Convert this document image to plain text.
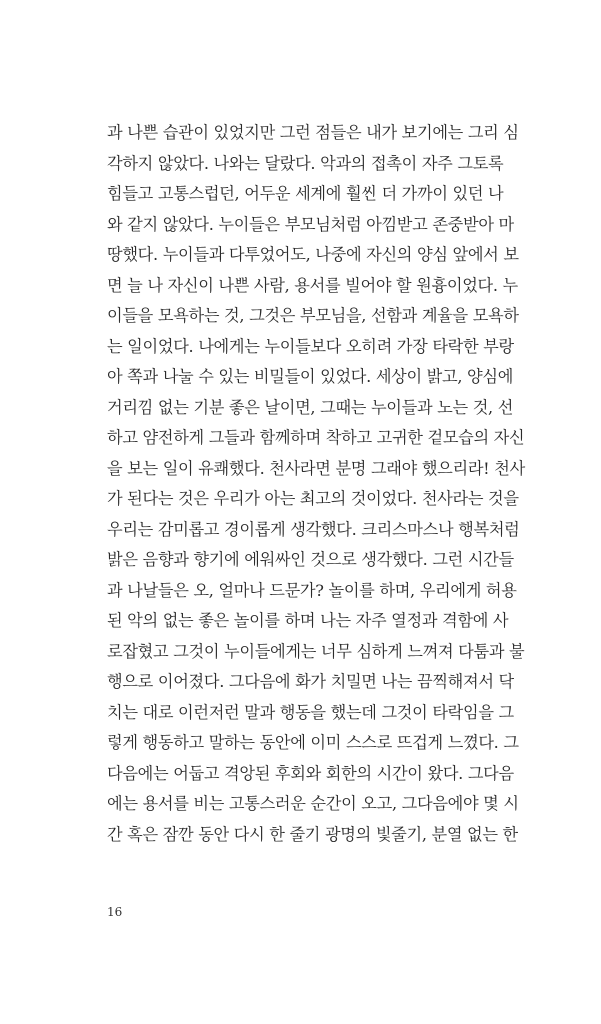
과 나쁜 습관이 있었지만 그런 점들은 내가 보기에는 그리 심
각하지 않았다. 나와는 달랐다. 악과의 접촉이 자주 그토록
힘들고 고통스럽던, 어두운 세계에 훨씬 더 가까이 있던 나
와 같지 않았다. 누이들은 부모님처럼 아낌받고 존중받아 마
땅했다. 누이들과 다투었어도, 나중에 자신의 양심 앞에서 보
면 늘 나 자신이 나쁜 사람, 용서를 빌어야 할 원흉이었다. 누
이들을 모욕하는 것, 그것은 부모님을, 선함과 계율을 모욕하
는 일이었다. 나에게는 누이들보다 오히려 가장 타락한 부랑
아 쪽과 나눌 수 있는 비밀들이 있었다. 세상이 밝고, 양심에
거리낌 없는 기분 좋은 날이면, 그때는 누이들과 노는 것, 선
하고 얌전하게 그들과 함께하며 착하고 고귀한 겉모습의 자신
을 보는 일이 유쾌했다. 천사라면 분명 그래야 했으리라! 천사
가 된다는 것은 우리가 아는 최고의 것이었다. 천사라는 것을
우리는 감미롭고 경이롭게 생각했다. 크리스마스나 행복처럼
밝은 음향과 향기에 에워싸인 것으로 생각했다. 그런 시간들
과 나날들은 오, 얼마나 드문가? 놀이를 하며, 우리에게 허용
된 악의 없는 좋은 놀이를 하며 나는 자주 열정과 격함에 사
로잡혔고 그것이 누이들에게는 너무 심하게 느껴져 다툼과 불
행으로 이어졌다. 그다음에 화가 치밀면 나는 끔찍해져서 닥
치는 대로 이런저런 말과 행동을 했는데 그것이 타락임을 그
렇게 행동하고 말하는 동안에 이미 스스로 뜨겁게 느꼈다. 그
다음에는 어둡고 격앙된 후회와 회한의 시간이 왔다. 그다음
에는 용서를 비는 고통스러운 순간이 오고, 그다음에야 몇 시
간 혹은 잠깐 동안 다시 한 줄기 광명의 빛줄기, 분열 없는 한
16
